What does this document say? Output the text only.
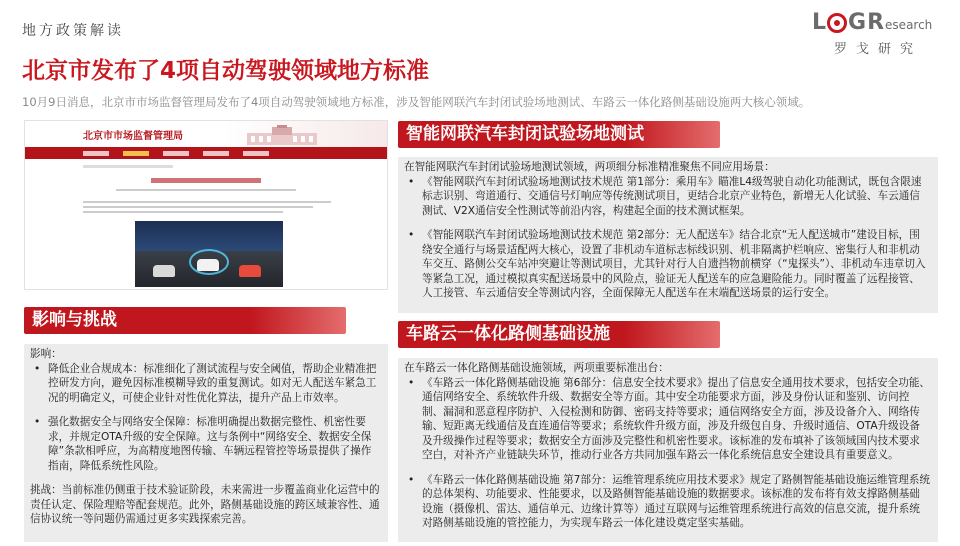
地方政策解读
北京市发布了4项自动驾驶领域地方标准
10月9日消息，北京市市场监督管理局发布了4项自动驾驶领域地方标准，涉及智能网联汽车封闭试验场地测试、车路云一体化路侧基础设施两大核心领域。
L G R esearch
罗戈研究
北京市市场监督管理局	智能网联汽车封闭试验场地测试

在智能网联汽车封闭试验场地测试领域，两项细分标准精准聚焦不同应用场景：

• 《智能网联汽车封闭试验场地测试技术规范 第1部分：乘用车》瞄准L4级驾驶自动化功能测试，既包含限速标志识别、弯道通行、交通信号灯响应等传统测试项目，更结合北京产业特色，新增无人化试验、车云通信测试、V2X通信安全性测试等前沿内容，构建起全面的技术测试框架。
• 《智能网联汽车封闭试验场地测试技术规范 第2部分：无人配送车》结合北京“无人配送城市”建设目标，围绕安全通行与场景适配两大核心，设置了非机动车道标志标线识别、机非隔离护栏响应、密集行人和非机动车交互、路侧公交车站冲突避让等测试项目，尤其针对行人自遗挡物前横穿（“鬼探头”）、非机动车违章切入等紧急工况，通过模拟真实配送场景中的风险点，验证无人配送车的应急避险能力。同时覆盖了远程接管、人工接管、车云通信安全等测试内容，全面保障无人配送车在末端配送场景的运行安全。
影响与挑战

影响：

• 降低企业合规成本：标准细化了测试流程与安全阈值，帮助企业精准把控研发方向，避免因标准模糊导致的重复测试。如对无人配送车紧急工况的明确定义，可使企业针对性优化算法，提升产品上市效率。
• 强化数据安全与网络安全保障：标准明确提出数据完整性、机密性要求，并规定OTA升级的安全保障。这与条例中“网络安全、数据安全保障”条款相呼应，为高精度地图传输、车辆远程管控等场景提供了操作指南，降低系统性风险。

挑战：当前标准仍侧重于技术验证阶段，未来需进一步覆盖商业化运营中的责任认定、保险理赔等配套规范。此外，路侧基础设施的跨区域兼容性、通信协议统一等问题仍需通过更多实践探索完善。

车路云一体化路侧基础设施

在车路云一体化路侧基础设施领域，两项重要标准出台：

• 《车路云一体化路侧基础设施 第6部分：信息安全技术要求》提出了信息安全通用技术要求，包括安全功能、通信网络安全、系统软件升级、数据安全等方面。其中安全功能要求方面，涉及身份认证和鉴别、访问控制、漏洞和恶意程序防护、入侵检测和防御、密码支持等要求；通信网络安全方面，涉及设备介入、网络传输、短距离无线通信及直连通信等要求；系统软件升级方面，涉及升级包自身、升级时通信、OTA升级设备及升级操作过程等要求；数据安全方面涉及完整性和机密性要求。该标准的发布填补了该领域国内技术要求空白，对补齐产业链缺失环节，推动行业各方共同加强车路云一体化系统信息安全建设具有重要意义。
• 《车路云一体化路侧基础设施 第7部分：运维管理系统应用技术要求》规定了路侧智能基础设施运维管理系统的总体架构、功能要求、性能要求，以及路侧智能基础设施的数据要求。该标准的发布将有效支撑路侧基础设施（摄像机、雷达、通信单元、边缘计算等）通过互联网与运维管理系统进行高效的信息交流，提升系统对路侧基础设施的管控能力，为实现车路云一体化建设奠定坚实基础。
